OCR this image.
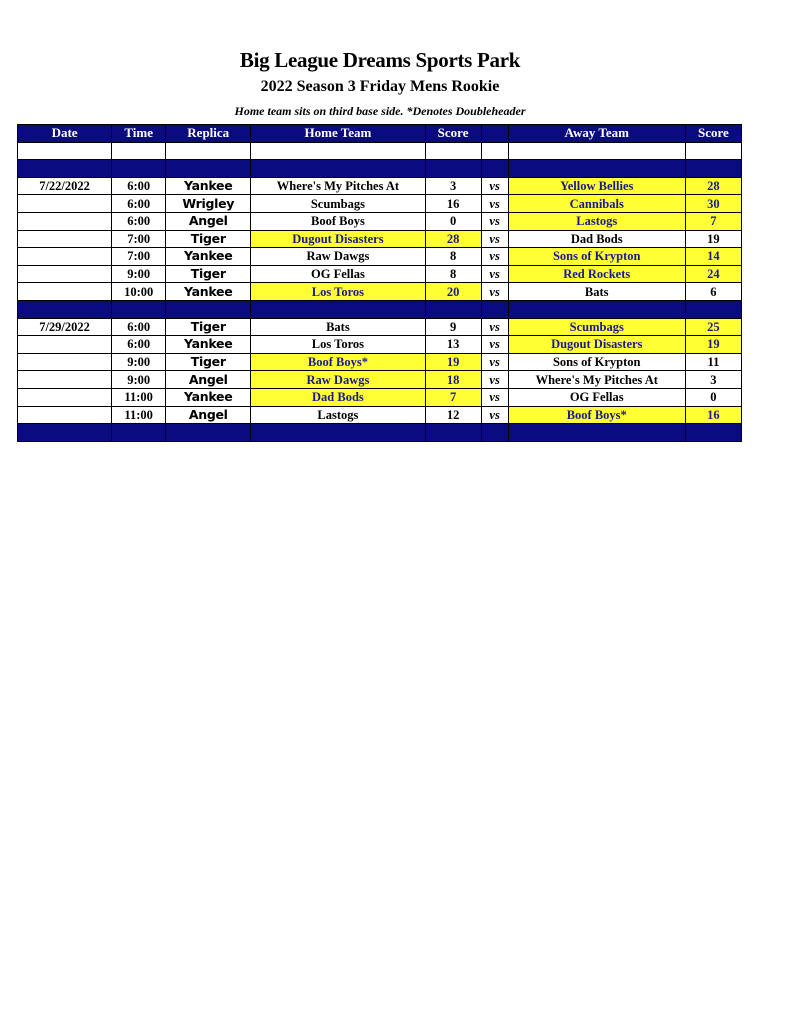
Big League Dreams Sports Park
2022 Season 3 Friday Mens Rookie
Home team sits on third base side. *Denotes Doubleheader
Date	Time	Replica	Home Team	Score		Away Team	Score

7/22/2022	6:00	Yankee	Where's My Pitches At	3	vs	Yellow Bellies	28
	6:00	Wrigley	Scumbags	16	vs	Cannibals	30
	6:00	Angel	Boof Boys	0	vs	Lastogs	7
	7:00	Tiger	Dugout Disasters	28	vs	Dad Bods	19
	7:00	Yankee	Raw Dawgs	8	vs	Sons of Krypton	14
	9:00	Tiger	OG Fellas	8	vs	Red Rockets	24
	10:00	Yankee	Los Toros	20	vs	Bats	6

7/29/2022	6:00	Tiger	Bats	9	vs	Scumbags	25
	6:00	Yankee	Los Toros	13	vs	Dugout Disasters	19
	9:00	Tiger	Boof Boys*	19	vs	Sons of Krypton	11
	9:00	Angel	Raw Dawgs	18	vs	Where's My Pitches At	3
	11:00	Yankee	Dad Bods	7	vs	OG Fellas	0
	11:00	Angel	Lastogs	12	vs	Boof Boys*	16
